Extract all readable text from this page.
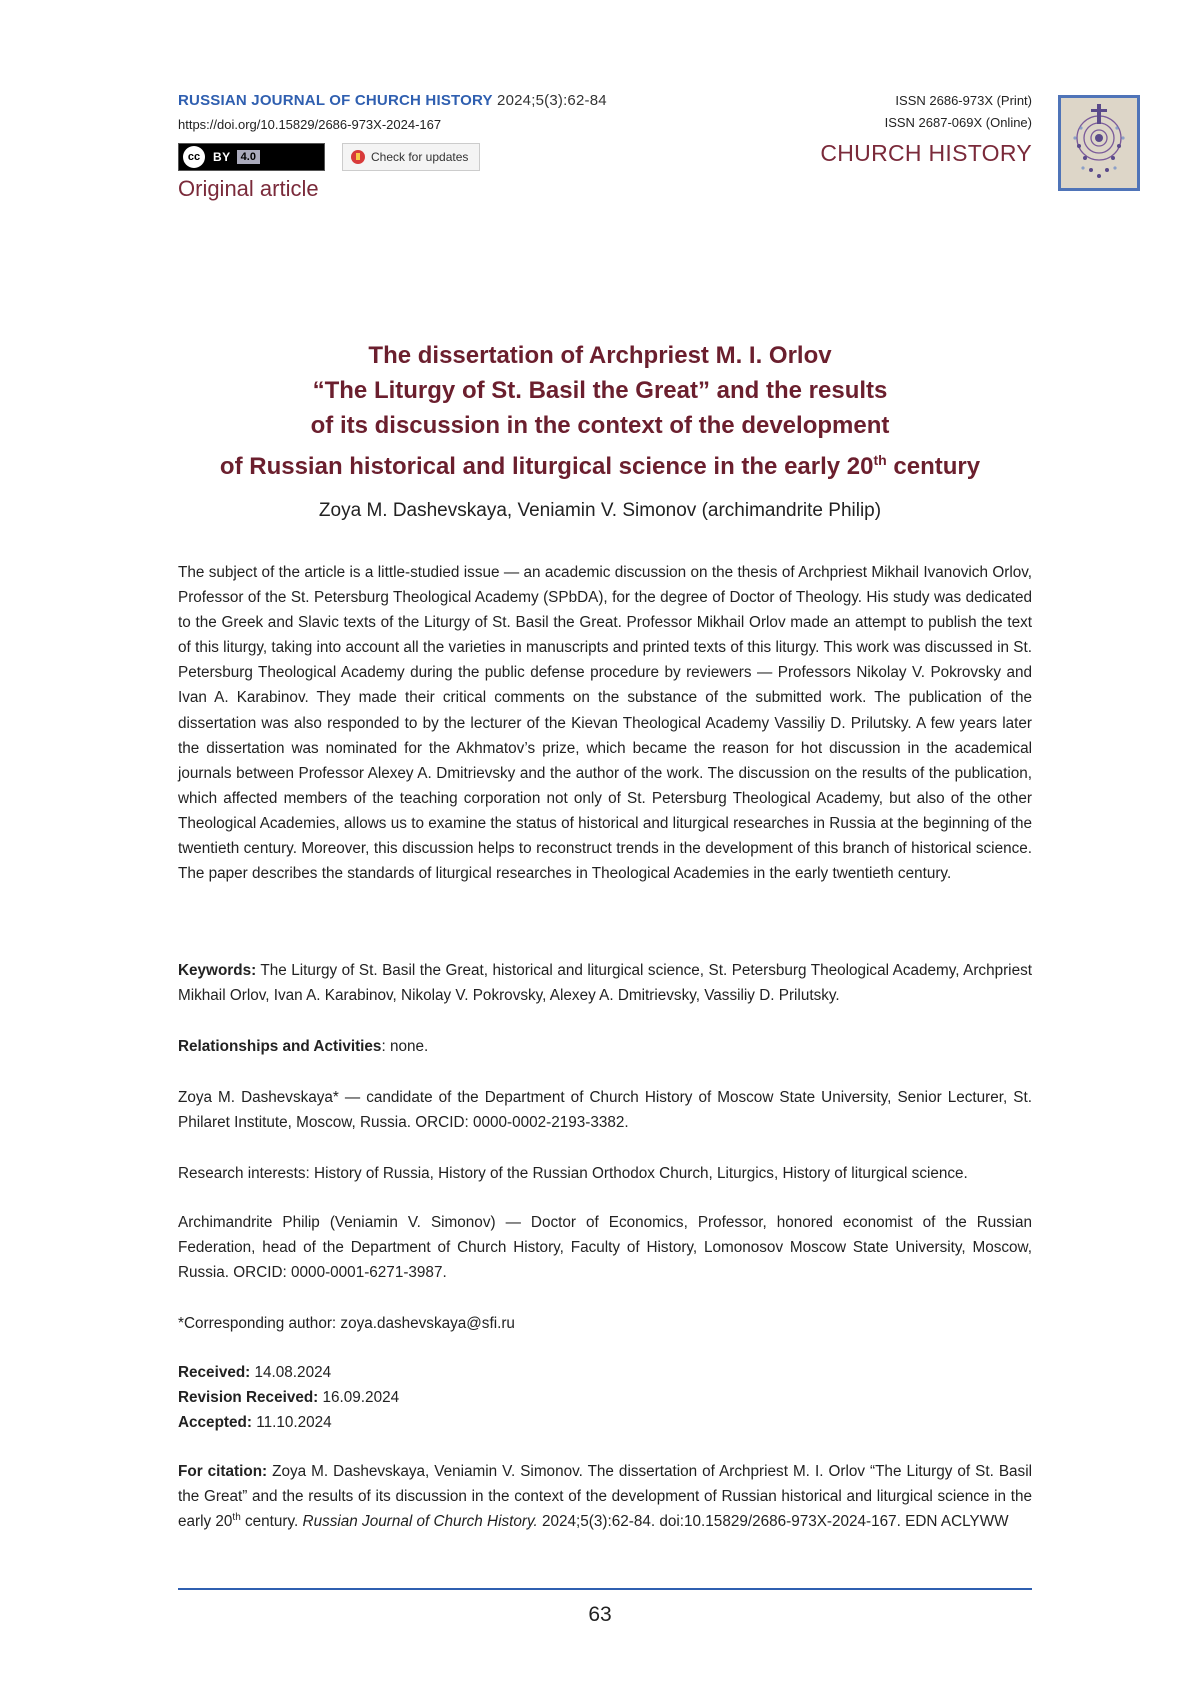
RUSSIAN JOURNAL OF CHURCH HISTORY 2024;5(3):62-84
https://doi.org/10.15829/2686-973X-2024-167
cc	BY 4.0	Check for updates
Original article
ISSN 2686-973X (Print)
ISSN 2687-069X (Online)
CHURCH HISTORY
The dissertation of Archpriest M. I. Orlov
“The Liturgy of St. Basil the Great” and the results
of its discussion in the context of the development
of Russian historical and liturgical science in the early 20th century
Zoya M. Dashevskaya, Veniamin V. Simonov (archimandrite Philip)
The subject of the article is a little-studied issue — an academic discussion on the thesis of Archpriest Mikhail Ivanovich Orlov, Professor of the St. Petersburg Theological Academy (SPbDA), for the degree of Doctor of Theology. His study was dedicated to the Greek and Slavic texts of the Liturgy of St. Basil the Great. Professor Mikhail Orlov made an attempt to publish the text of this liturgy, taking into account all the varieties in manuscripts and printed texts of this liturgy. This work was discussed in St. Petersburg Theological Academy during the public defense procedure by reviewers — Professors Nikolay V. Pokrovsky and Ivan A. Karabinov. They made their critical comments on the substance of the submitted work. The publication of the dissertation was also responded to by the lecturer of the Kievan Theological Academy Vassiliy D. Prilutsky. A few years later the dissertation was nominated for the Akhmatov’s prize, which became the reason for hot discussion in the academical journals between Professor Alexey A. Dmitrievsky and the author of the work. The discussion on the results of the publication, which affected members of the teaching corporation not only of St. Petersburg Theological Academy, but also of the other Theological Academies, allows us to examine the status of historical and liturgical researches in Russia at the beginning of the twentieth century. Moreover, this discussion helps to reconstruct trends in the development of this branch of historical science. The paper describes the standards of liturgical researches in Theological Academies in the early twentieth century.
Keywords: The Liturgy of St. Basil the Great, historical and liturgical science, St. Petersburg Theological Academy, Archpriest Mikhail Orlov, Ivan A. Karabinov, Nikolay V. Pokrovsky, Alexey A. Dmitrievsky, Vassiliy D. Prilutsky.
Relationships and Activities: none.
Zoya M. Dashevskaya* — candidate of the Department of Church History of Moscow State University, Senior Lecturer, St. Philaret Institute, Moscow, Russia. ORCID: 0000-0002-2193-3382.
Research interests: History of Russia, History of the Russian Orthodox Church, Liturgics, History of liturgical science.
Archimandrite Philip (Veniamin V. Simonov) — Doctor of Economics, Professor, honored economist of the Russian Federation, head of the Department of Church History, Faculty of History, Lomonosov Moscow State University, Moscow, Russia. ORCID: 0000-0001-6271-3987.
*Corresponding author: zoya.dashevskaya@sfi.ru
Received: 14.08.2024
Revision Received: 16.09.2024
Accepted: 11.10.2024
For citation: Zoya M. Dashevskaya, Veniamin V. Simonov. The dissertation of Archpriest M. I. Orlov “The Liturgy of St. Basil the Great” and the results of its discussion in the context of the development of Russian historical and liturgical science in the early 20th century. Russian Journal of Church History. 2024;5(3):62-84. doi:10.15829/2686-973X-2024-167. EDN ACLYWW
63
